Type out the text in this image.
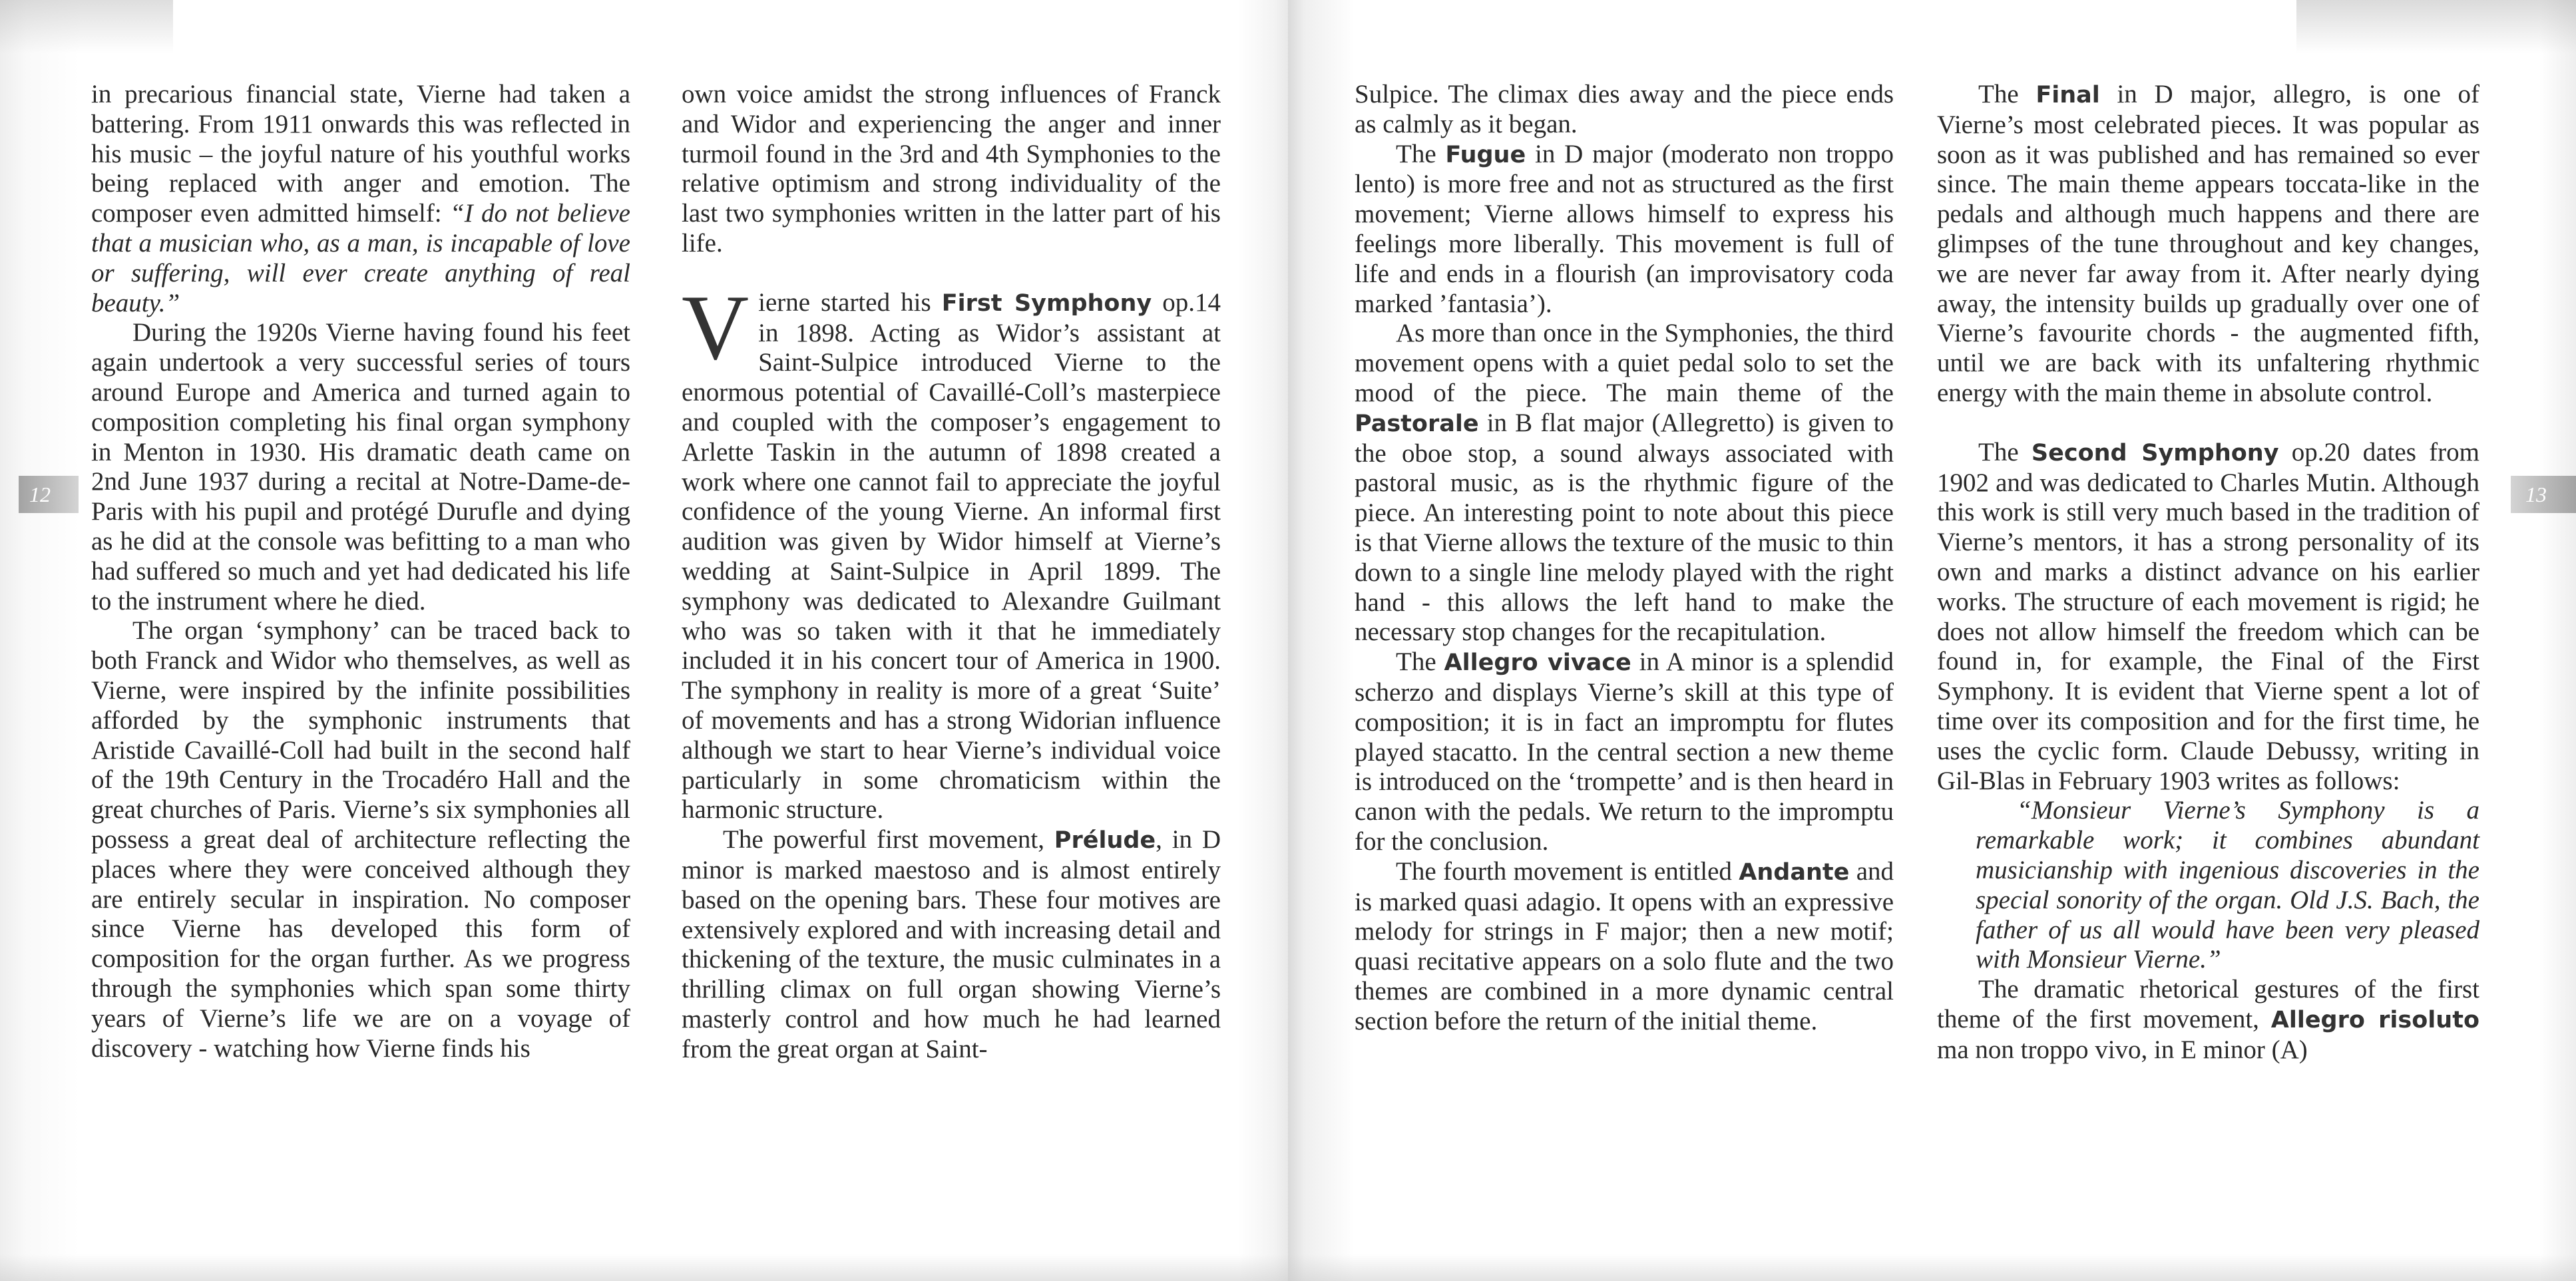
12

in precarious financial state, Vierne had taken a battering. From 1911 onwards this was reflected in his music – the joyful nature of his youthful works being replaced with anger and emotion. The composer even admitted himself: “I do not believe that a musician who, as a man, is incapable of love or suffering, will ever create anything of real beauty.”

During the 1920s Vierne having found his feet again undertook a very successful series of tours around Europe and America and turned again to composition completing his final organ symphony in Menton in 1930. His dramatic death came on 2nd June 1937 during a recital at Notre-Dame-de-Paris with his pupil and protégé Durufle and dying as he did at the console was befitting to a man who had suffered so much and yet had dedicated his life to the instrument where he died.

The organ ‘symphony’ can be traced back to both Franck and Widor who themselves, as well as Vierne, were inspired by the infinite possibilities afforded by the symphonic instruments that Aristide Cavaillé-Coll had built in the second half of the 19th Century in the Trocadéro Hall and the great churches of Paris. Vierne’s six symphonies all possess a great deal of architecture reflecting the places where they were conceived although they are entirely secular in inspiration. No composer since Vierne has developed this form of composition for the organ further. As we progress through the symphonies which span some thirty years of Vierne’s life we are on a voyage of discovery - watching how Vierne finds his

own voice amidst the strong influences of Franck and Widor and experiencing the anger and inner turmoil found in the 3rd and 4th Symphonies to the relative optimism and strong individuality of the last two symphonies written in the latter part of his life.

Vierne started his First Symphony op.14 in 1898. Acting as Widor’s assistant at Saint-Sulpice introduced Vierne to the enormous potential of Cavaillé-Coll’s masterpiece and coupled with the composer’s engagement to Arlette Taskin in the autumn of 1898 created a work where one cannot fail to appreciate the joyful confidence of the young Vierne. An informal first audition was given by Widor himself at Vierne’s wedding at Saint-Sulpice in April 1899. The symphony was dedicated to Alexandre Guilmant who was so taken with it that he immediately included it in his concert tour of America in 1900. The symphony in reality is more of a great ‘Suite’ of movements and has a strong Widorian influence although we start to hear Vierne’s individual voice particularly in some chromaticism within the harmonic structure.

The powerful first movement, Prélude, in D minor is marked maestoso and is almost entirely based on the opening bars. These four motives are extensively explored and with increasing detail and thickening of the texture, the music culminates in a thrilling climax on full organ showing Vierne’s masterly control and how much he had learned from the great organ at Saint-

13

Sulpice. The climax dies away and the piece ends as calmly as it began.

The Fugue in D major (moderato non troppo lento) is more free and not as structured as the first movement; Vierne allows himself to express his feelings more liberally. This movement is full of life and ends in a flourish (an improvisatory coda marked ’fantasia’).

As more than once in the Symphonies, the third movement opens with a quiet pedal solo to set the mood of the piece. The main theme of the Pastorale in B flat major (Allegretto) is given to the oboe stop, a sound always associated with pastoral music, as is the rhythmic figure of the piece. An interesting point to note about this piece is that Vierne allows the texture of the music to thin down to a single line melody played with the right hand - this allows the left hand to make the necessary stop changes for the recapitulation.

The Allegro vivace in A minor is a splendid scherzo and displays Vierne’s skill at this type of composition; it is in fact an impromptu for flutes played stacatto. In the central section a new theme is introduced on the ‘trompette’ and is then heard in canon with the pedals. We return to the impromptu for the conclusion.

The fourth movement is entitled Andante and is marked quasi adagio. It opens with an expressive melody for strings in F major; then a new motif; quasi recitative appears on a solo flute and the two themes are combined in a more dynamic central section before the return of the initial theme.

The Final in D major, allegro, is one of Vierne’s most celebrated pieces. It was popular as soon as it was published and has remained so ever since. The main theme appears toccata-like in the pedals and although much happens and there are glimpses of the tune throughout and key changes, we are never far away from it. After nearly dying away, the intensity builds up gradually over one of Vierne’s favourite chords - the augmented fifth, until we are back with its unfaltering rhythmic energy with the main theme in absolute control.

The Second Symphony op.20 dates from 1902 and was dedicated to Charles Mutin. Although this work is still very much based in the tradition of Vierne’s mentors, it has a strong personality of its own and marks a distinct advance on his earlier works. The structure of each movement is rigid; he does not allow himself the freedom which can be found in, for example, the Final of the First Symphony. It is evident that Vierne spent a lot of time over its composition and for the first time, he uses the cyclic form. Claude Debussy, writing in Gil-Blas in February 1903 writes as follows:

“Monsieur Vierne’s Symphony is a remarkable work; it combines abundant musicianship with ingenious discoveries in the special sonority of the organ. Old J.S. Bach, the father of us all would have been very pleased with Monsieur Vierne.”

The dramatic rhetorical gestures of the first theme of the first movement, Allegro risoluto ma non troppo vivo, in E minor (A)
